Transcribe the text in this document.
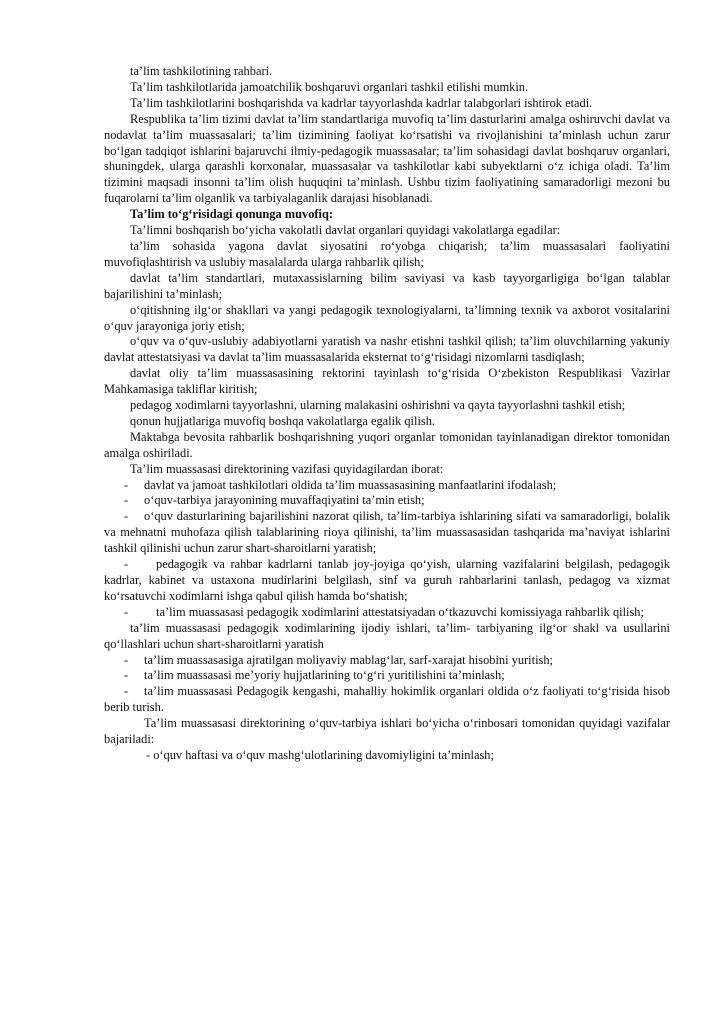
ta’lim tashkilotining rahbari.

Ta’lim tashkilotlarida jamoatchilik boshqaruvi organlari tashkil etilishi mumkin.

Ta’lim tashkilotlarini boshqarishda va kadrlar tayyorlashda kadrlar talabgorlari ishtirok etadi.

Respublika ta’lim tizimi davlat ta’lim standartlariga muvofiq ta’lim dasturlarini amalga oshiruvchi davlat va nodavlat ta’lim muassasalari; ta’lim tizimining faoliyat ko‘rsatishi va rivojlanishini ta’minlash uchun zarur bo‘lgan tadqiqot ishlarini bajaruvchi ilmiy-pedagogik muassasalar; ta’lim sohasidagi davlat boshqaruv organlari, shuningdek, ularga qarashli korxonalar, muassasalar va tashkilotlar kabi subyektlarni o‘z ichiga oladi. Ta’lim tizimini maqsadi insonni ta’lim olish huquqini ta’minlash. Ushbu tizim faoliyatining samaradorligi mezoni bu fuqarolarni ta’lim olganlik va tarbiyalaganlik darajasi hisoblanadi.

Ta’lim to‘g‘risidagi qonunga muvofiq:

Ta’limni boshqarish bo‘yicha vakolatli davlat organlari quyidagi vakolatlarga egadilar:

ta’lim sohasida yagona davlat siyosatini ro‘yobga chiqarish; ta’lim muassasalari faoliyatini muvofiqlashtirish va uslubiy masalalarda ularga rahbarlik qilish;

davlat ta’lim standartlari, mutaxassislarning bilim saviyasi va kasb tayyorgarligiga bo‘lgan talablar bajarilishini ta’minlash;

o‘qitishning ilg‘or shakllari va yangi pedagogik texnologiyalarni, ta’limning texnik va axborot vositalarini o‘quv jarayoniga joriy etish;

o‘quv va o‘quv-uslubiy adabiyotlarni yaratish va nashr etishni tashkil qilish; ta’lim oluvchilarning yakuniy davlat attestatsiyasi va davlat ta’lim muassasalarida eksternat to‘g‘risidagi nizomlarni tasdiqlash;

davlat oliy ta’lim muassasasining rektorini tayinlash to‘g‘risida O‘zbekiston Respublikasi Vazirlar Mahkamasiga takliflar kiritish;

pedagog xodimlarni tayyorlashni, ularning malakasini oshirishni va qayta tayyorlashni tashkil etish;

qonun hujjatlariga muvofiq boshqa vakolatlarga egalik qilish.

Maktabga bevosita rahbarlik boshqarishning yuqori organlar tomonidan tayinlanadigan direktor tomonidan amalga oshiriladi.

Ta’lim muassasasi direktorining vazifasi quyidagilardan iborat:

- davlat va jamoat tashkilotlari oldida ta’lim muassasasining manfaatlarini ifodalash;

- o‘quv-tarbiya jarayonining muvaffaqiyatini ta’min etish;

- o‘quv dasturlarining bajarilishini nazorat qilish, ta’lim-tarbiya ishlarining sifati va samaradorligi, bolalik va mehnatni muhofaza qilish talablarining rioya qilinishi, ta’lim muassasasidan tashqarida ma’naviyat ishlarini tashkil qilinishi uchun zarur shart-sharoitlarni yaratish;

- pedagogik va rahbar kadrlarni tanlab joy-joyiga qo‘yish, ularning vazifalarini belgilash, pedagogik kadrlar, kabinet va ustaxona mudirlarini belgilash, sinf va guruh rahbarlarini tanlash, pedagog va xizmat ko‘rsatuvchi xodimlarni ishga qabul qilish hamda bo‘shatish;

- ta’lim muassasasi pedagogik xodimlarini attestatsiyadan o‘tkazuvchi komissiyaga rahbarlik qilish;

ta’lim muassasasi pedagogik xodimlarining ijodiy ishlari, ta’lim- tarbiyaning ilg‘or shakl va usullarini qo‘llashlari uchun shart-sharoitlarni yaratish

- ta’lim muassasasiga ajratilgan moliyaviy mablag‘lar, sarf-xarajat hisobini yuritish;

- ta’lim muassasasi me’yoriy hujjatlarining to‘g‘ri yuritilishini ta’minlash;

- ta’lim muassasasi Pedagogik kengashi, mahalliy hokimlik organlari oldida o‘z faoliyati to‘g‘risida hisob berib turish.

Ta’lim muassasasi direktorining o‘quv-tarbiya ishlari bo‘yicha o‘rinbosari tomonidan quyidagi vazifalar bajariladi:

- o‘quv haftasi va o‘quv mashg‘ulotlarining davomiyligini ta’minlash;
